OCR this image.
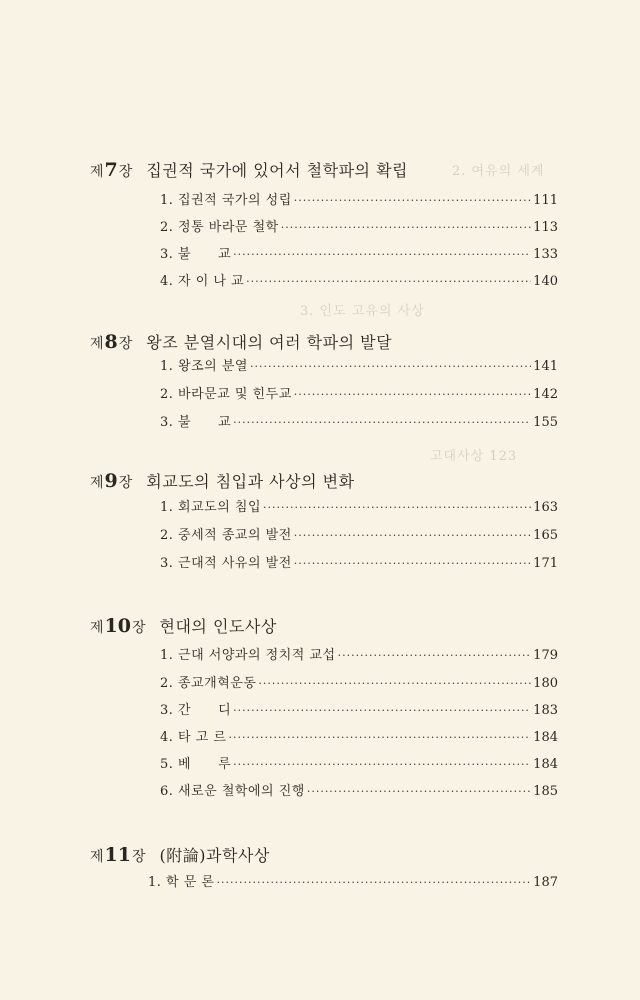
2. 여유의 세계
3. 인도 고유의 사상
고대사상 123
제7장 집권적 국가에 있어서 철학파의 확립
1. 집권적 국가의 성립 ·····	111
2. 정통 바라문 철학 ·····	113
3. 불　　교 ·····	133
4. 자 이 나 교 ·····	140
제8장 왕조 분열시대의 여러 학파의 발달
1. 왕조의 분열 ·····	141
2. 바라문교 및 힌두교 ·····	142
3. 불　　교 ·····	155
제9장 회교도의 침입과 사상의 변화
1. 회교도의 침입 ·····	163
2. 중세적 종교의 발전 ·····	165
3. 근대적 사유의 발전 ·····	171
제10장 현대의 인도사상
1. 근대 서양과의 정치적 교섭 ·····	179
2. 종교개혁운동 ·····	180
3. 간　　디 ·····	183
4. 타 고 르 ·····	184
5. 베　　루 ·····	184
6. 새로운 철학에의 진행 ·····	185
제11장 (附論)과학사상
1. 학 문 론 ·····	187
